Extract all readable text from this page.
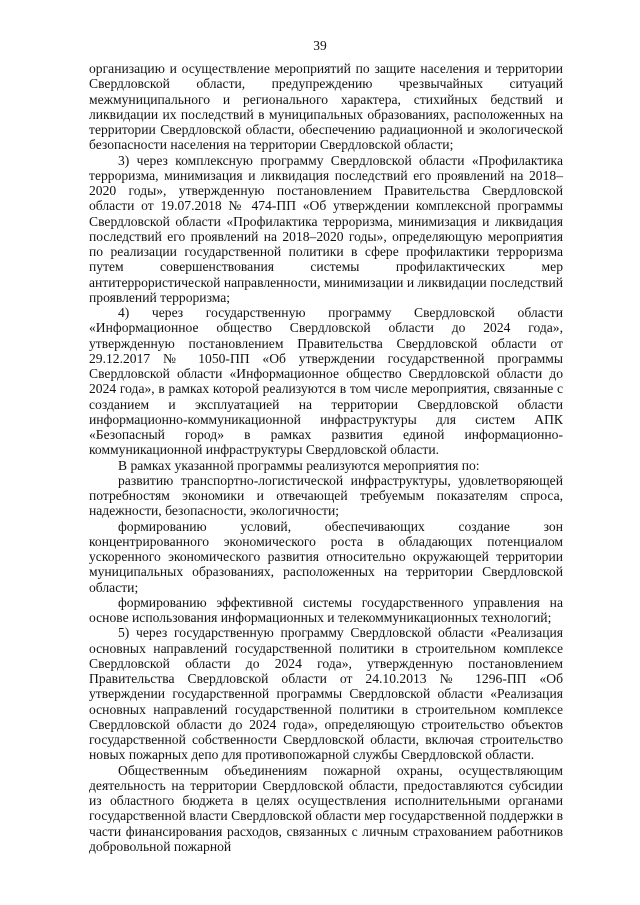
39

организацию и осуществление мероприятий по защите населения и территории Свердловской области, предупреждению чрезвычайных ситуаций межмуниципального и регионального характера, стихийных бедствий и ликвидации их последствий в муниципальных образованиях, расположенных на территории Свердловской области, обеспечению радиационной и экологической безопасности населения на территории Свердловской области;

3) через комплексную программу Свердловской области «Профилактика терроризма, минимизация и ликвидация последствий его проявлений на 2018–2020 годы», утвержденную постановлением Правительства Свердловской области от 19.07.2018 № 474-ПП «Об утверждении комплексной программы Свердловской области «Профилактика терроризма, минимизация и ликвидация последствий его проявлений на 2018–2020 годы», определяющую мероприятия по реализации государственной политики в сфере профилактики терроризма путем совершенствования системы профилактических мер антитеррористической направленности, минимизации и ликвидации последствий проявлений терроризма;

4) через государственную программу Свердловской области «Информационное общество Свердловской области до 2024 года», утвержденную постановлением Правительства Свердловской области от 29.12.2017 № 1050-ПП «Об утверждении государственной программы Свердловской области «Информационное общество Свердловской области до 2024 года», в рамках которой реализуются в том числе мероприятия, связанные с созданием и эксплуатацией на территории Свердловской области информационно-коммуникационной инфраструктуры для систем АПК «Безопасный город» в рамках развития единой информационно-коммуникационной инфраструктуры Свердловской области.

В рамках указанной программы реализуются мероприятия по:

развитию транспортно-логистической инфраструктуры, удовлетворяющей потребностям экономики и отвечающей требуемым показателям спроса, надежности, безопасности, экологичности;

формированию условий, обеспечивающих создание зон концентрированного экономического роста в обладающих потенциалом ускоренного экономического развития относительно окружающей территории муниципальных образованиях, расположенных на территории Свердловской области;

формированию эффективной системы государственного управления на основе использования информационных и телекоммуникационных технологий;

5) через государственную программу Свердловской области «Реализация основных направлений государственной политики в строительном комплексе Свердловской области до 2024 года», утвержденную постановлением Правительства Свердловской области от 24.10.2013 № 1296-ПП «Об утверждении государственной программы Свердловской области «Реализация основных направлений государственной политики в строительном комплексе Свердловской области до 2024 года», определяющую строительство объектов государственной собственности Свердловской области, включая строительство новых пожарных депо для противопожарной службы Свердловской области.

Общественным объединениям пожарной охраны, осуществляющим деятельность на территории Свердловской области, предоставляются субсидии из областного бюджета в целях осуществления исполнительными органами государственной власти Свердловской области мер государственной поддержки в части финансирования расходов, связанных с личным страхованием работников добровольной пожарной
